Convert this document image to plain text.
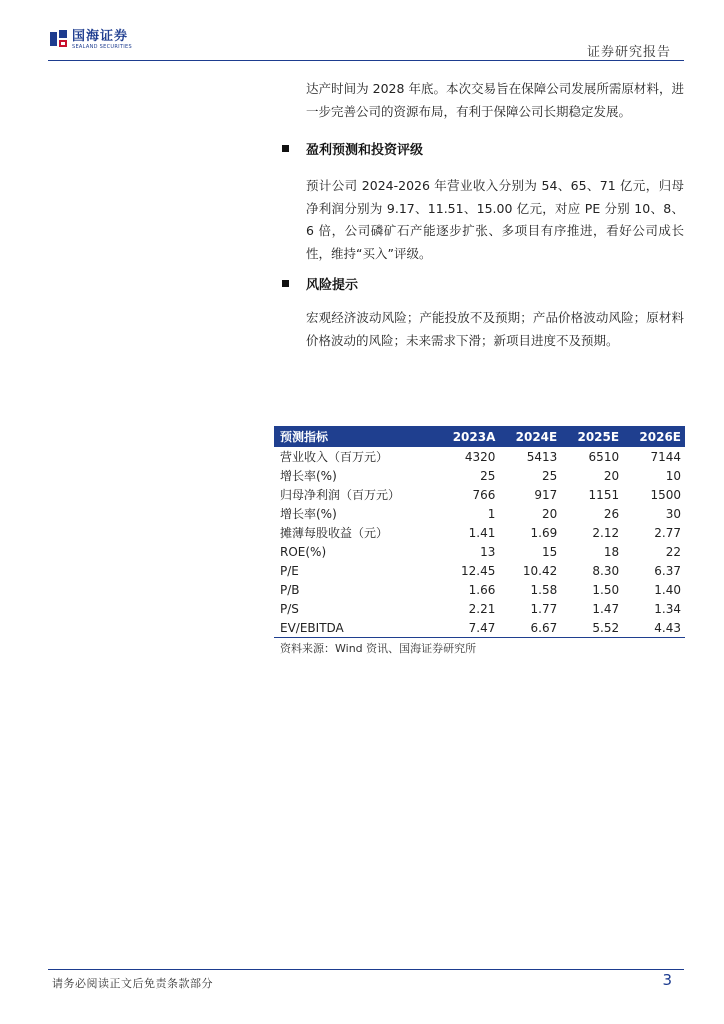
国海证券
SEALAND SECURITIES	证券研究报告

达产时间为 2028 年底。本次交易旨在保障公司发展所需原材料，进一步完善公司的资源布局，有利于保障公司长期稳定发展。

盈利预测和投资评级

预计公司 2024-2026 年营业收入分别为 54、65、71 亿元，归母净利润分别为 9.17、11.51、15.00 亿元，对应 PE 分别 10、8、6 倍，公司磷矿石产能逐步扩张、多项目有序推进，看好公司成长性，维持“买入”评级。

风险提示

宏观经济波动风险；产能投放不及预期；产品价格波动风险；原材料价格波动的风险；未来需求下滑；新项目进度不及预期。

预测指标	2023A	2024E	2025E	2026E
营业收入（百万元）	4320	5413	6510	7144
增长率(%)	25	25	20	10
归母净利润（百万元）	766	917	1151	1500
增长率(%)	1	20	26	30
摊薄每股收益（元）	1.41	1.69	2.12	2.77
ROE(%)	13	15	18	22
P/E	12.45	10.42	8.30	6.37
P/B	1.66	1.58	1.50	1.40
P/S	2.21	1.77	1.47	1.34
EV/EBITDA	7.47	6.67	5.52	4.43
资料来源：Wind 资讯、国海证券研究所
请务必阅读正文后免责条款部分	3
